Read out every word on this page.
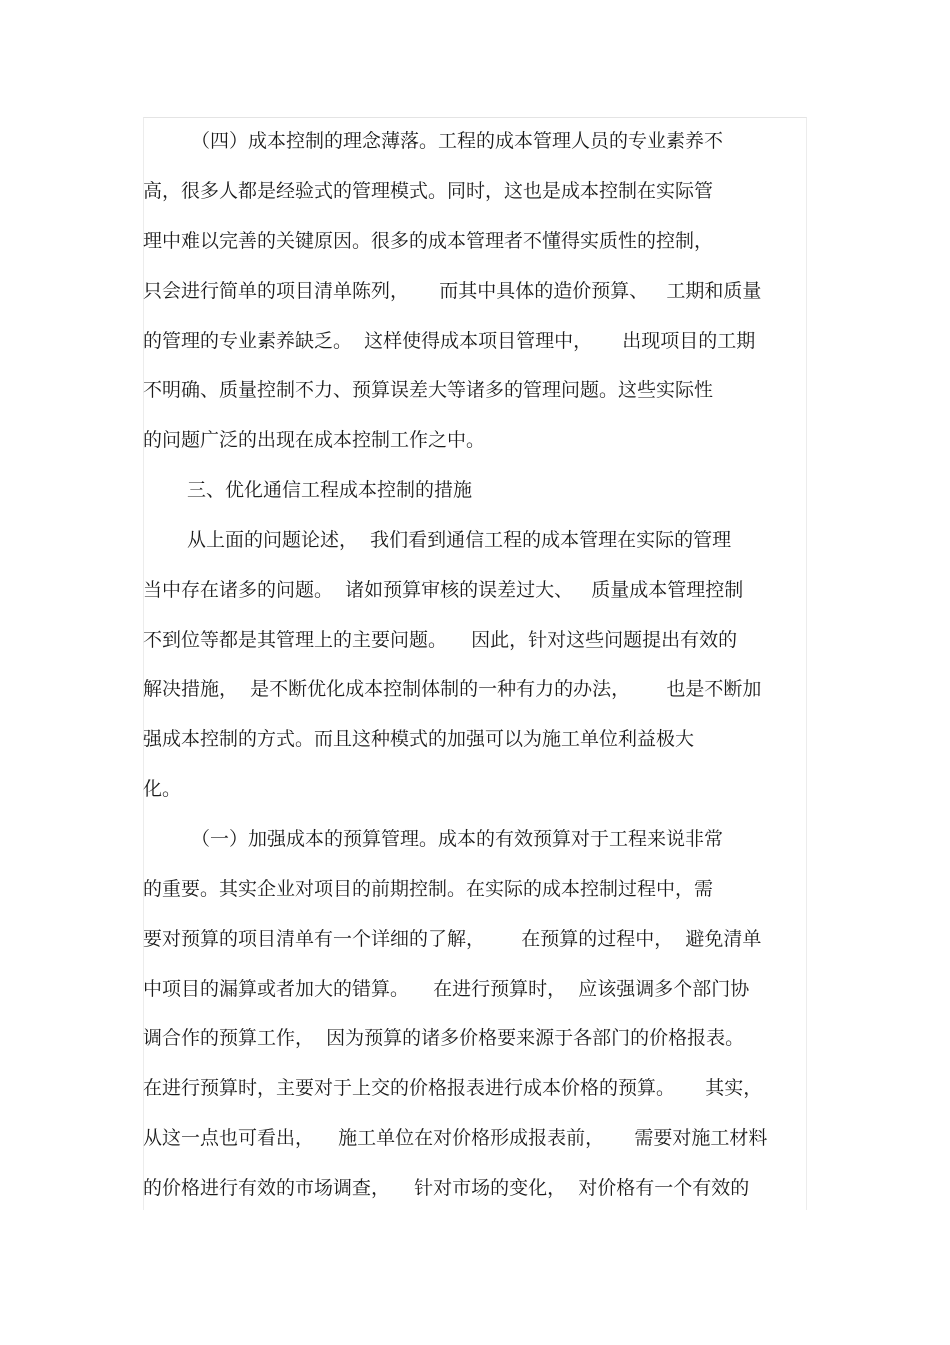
（四）成本控制的理念薄落。工程的成本管理人员的专业素养不
高，很多人都是经验式的管理模式。同时，这也是成本控制在实际管
理中难以完善的关键原因。很多的成本管理者不懂得实质性的控制，
只会进行简单的项目清单陈列，     而其中具体的造价预算、   工期和质量
的管理的专业素养缺乏。  这样使得成本项目管理中，     出现项目的工期
不明确、质量控制不力、预算误差大等诸多的管理问题。这些实际性
的问题广泛的出现在成本控制工作之中。
三、优化通信工程成本控制的措施
从上面的问题论述，  我们看到通信工程的成本管理在实际的管理
当中存在诸多的问题。  诸如预算审核的误差过大、   质量成本管理控制
不到位等都是其管理上的主要问题。    因此，针对这些问题提出有效的
解决措施，  是不断优化成本控制体制的一种有力的办法，      也是不断加
强成本控制的方式。而且这种模式的加强可以为施工单位利益极大
化。
（一）加强成本的预算管理。成本的有效预算对于工程来说非常
的重要。其实企业对项目的前期控制。在实际的成本控制过程中，需
要对预算的项目清单有一个详细的了解，      在预算的过程中，  避免清单
中项目的漏算或者加大的错算。    在进行预算时，  应该强调多个部门协
调合作的预算工作，  因为预算的诸多价格要来源于各部门的价格报表。
在进行预算时，主要对于上交的价格报表进行成本价格的预算。     其实，
从这一点也可看出，    施工单位在对价格形成报表前，     需要对施工材料
的价格进行有效的市场调查，    针对市场的变化，  对价格有一个有效的
